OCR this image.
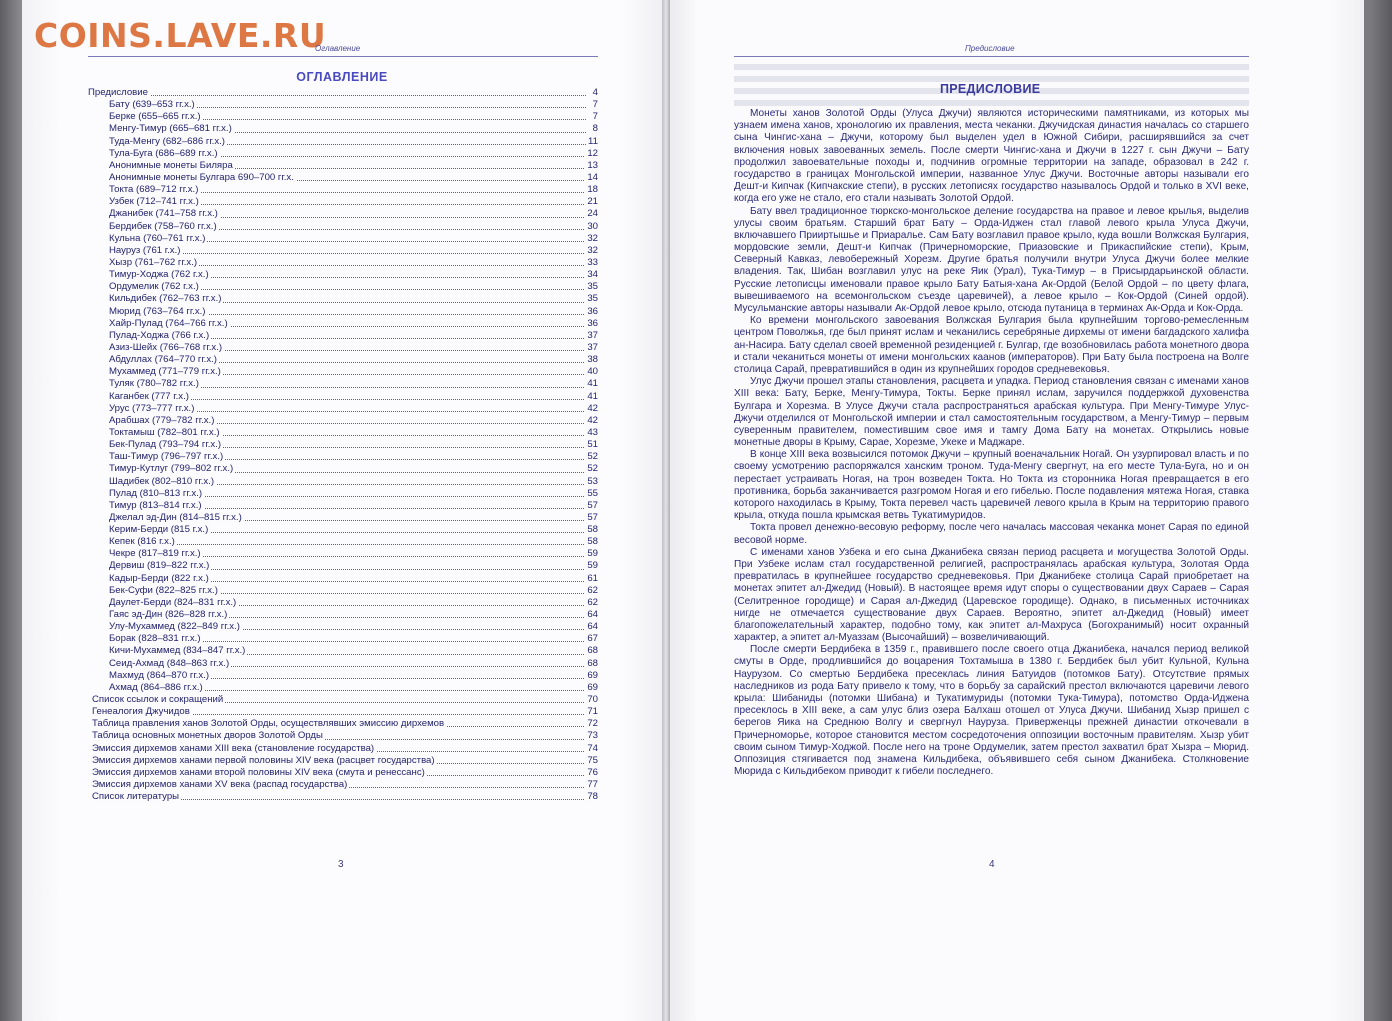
COINS.LAVE.RU
Оглавление
ОГЛАВЛЕНИЕ
Предисловие	4
Бату (639–653 гг.х.)	7
Берке (655–665 гг.х.)	7
Менгу-Тимур (665–681 гг.х.)	8
Туда-Менгу (682–686 гг.х.)	11
Тула-Буга (686–689 гг.х.)	12
Анонимные монеты Биляра	13
Анонимные монеты Булгара 690–700 гг.х.	14
Токта (689–712 гг.х.)	18
Узбек (712–741 гг.х.)	21
Джанибек (741–758 гг.х.)	24
Бердибек (758–760 гг.х.)	30
Кульна (760–761 гг.х.)	32
Науруз (761 г.х.)	32
Хызр (761–762 гг.х.)	33
Тимур-Ходжа (762 г.х.)	34
Ордумелик (762 г.х.)	35
Кильдибек (762–763 гг.х.)	35
Мюрид (763–764 гг.х.)	36
Хайр-Пулад (764–766 гг.х.)	36
Пулад-Ходжа (766 г.х.)	37
Азиз-Шейх (766–768 гг.х.)	37
Абдуллах (764–770 гг.х.)	38
Мухаммед (771–779 гг.х.)	40
Туляк (780–782 гг.х.)	41
Каганбек (777 г.х.)	41
Урус (773–777 гг.х.)	42
Арабшах (779–782 гг.х.)	42
Токтамыш (782–801 гг.х.)	43
Бек-Пулад (793–794 гг.х.)	51
Таш-Тимур (796–797 гг.х.)	52
Тимур-Кутлуг (799–802 гг.х.)	52
Шадибек (802–810 гг.х.)	53
Пулад (810–813 гг.х.)	55
Тимур (813–814 гг.х.)	57
Джелал эд-Дин (814–815 гг.х.)	57
Керим-Берди (815 г.х.)	58
Кепек (816 г.х.)	58
Чекре (817–819 гг.х.)	59
Дервиш (819–822 гг.х.)	59
Кадыр-Берди (822 г.х.)	61
Бек-Суфи (822–825 гг.х.)	62
Даулет-Берди (824–831 гг.х.)	62
Гаяс эд-Дин (826–828 гг.х.)	64
Улу-Мухаммед (822–849 гг.х.)	64
Борак (828–831 гг.х.)	67
Кичи-Мухаммед (834–847 гг.х.)	68
Сеид-Ахмад (848–863 гг.х.)	68
Махмуд (864–870 гг.х.)	69
Ахмад (864–886 гг.х.)	69
Список ссылок и сокращений	70
Генеалогия Джучидов	71
Таблица правления ханов Золотой Орды, осуществлявших эмиссию дирхемов	72
Таблица основных монетных дворов Золотой Орды	73
Эмиссия дирхемов ханами XIII века (становление государства)	74
Эмиссия дирхемов ханами первой половины XIV века (расцвет государства)	75
Эмиссия дирхемов ханами второй половины XIV века (смута и ренессанс)	76
Эмиссия дирхемов ханами XV века (распад государства)	77
Список литературы	78
3
Предисловие
ПРЕДИСЛОВИЕ

Монеты ханов Золотой Орды (Улуса Джучи) являются историческими памятниками, из которых мы узнаем имена ханов, хронологию их правления, места чеканки. Джучидская династия началась со старшего сына Чингис-хана – Джучи, которому был выделен удел в Южной Сибири, расширявшийся за счет включения новых завоеванных земель. После смерти Чингис-хана и Джучи в 1227 г. сын Джучи – Бату продолжил завоевательные походы и, подчинив огромные территории на западе, образовал в 242 г. государство в границах Монгольской империи, названное Улус Джучи. Восточные авторы называли его Дешт-и Кипчак (Кипчакские степи), в русских летописях государство называлось Ордой и только в XVI веке, когда его уже не стало, его стали называть Золотой Ордой.

Бату ввел традиционное тюркско-монгольское деление государства на правое и левое крылья, выделив улусы своим братьям. Старший брат Бату – Орда-Иджен стал главой левого крыла Улуса Джучи, включавшего Прииртышье и Приаралье. Сам Бату возглавил правое крыло, куда вошли Волжская Булгария, мордовские земли, Дешт-и Кипчак (Причерноморские, Приазовские и Прикаспийские степи), Крым, Северный Кавказ, левобережный Хорезм. Другие братья получили внутри Улуса Джучи более мелкие владения. Так, Шибан возглавил улус на реке Яик (Урал), Тука-Тимур – в Присырдарьинской области. Русские летописцы именовали правое крыло Бату Батыя-хана Ак-Ордой (Белой Ордой – по цвету флага, вывешиваемого на всемонгольском съезде царевичей), а левое крыло – Кок-Ордой (Синей ордой). Мусульманские авторы называли Ак-Ордой левое крыло, отсюда путаница в терминах Ак-Орда и Кок-Орда.

Ко времени монгольского завоевания Волжская Булгария была крупнейшим торгово-ремесленным центром Поволжья, где был принят ислам и чеканились серебряные дирхемы от имени багдадского халифа ан-Насира. Бату сделал своей временной резиденцией г. Булгар, где возобновилась работа монетного двора и стали чеканиться монеты от имени монгольских каанов (императоров). При Бату была построена на Волге столица Сарай, превратившийся в один из крупнейших городов средневековья.

Улус Джучи прошел этапы становления, расцвета и упадка. Период становления связан с именами ханов XIII века: Бату, Берке, Менгу-Тимура, Токты. Берке принял ислам, заручился поддержкой духовенства Булгара и Хорезма. В Улусе Джучи стала распространяться арабская культура. При Менгу-Тимуре Улус-Джучи отделился от Монгольской империи и стал самостоятельным государством, а Менгу-Тимур – первым суверенным правителем, поместившим свое имя и тамгу Дома Бату на монетах. Открылись новые монетные дворы в Крыму, Сарае, Хорезме, Укеке и Маджаре.

В конце XIII века возвысился потомок Джучи – крупный военачальник Ногай. Он узурпировал власть и по своему усмотрению распоряжался ханским троном. Туда-Менгу свергнут, на его месте Тула-Буга, но и он перестает устраивать Ногая, на трон возведен Токта. Но Токта из сторонника Ногая превращается в его противника, борьба заканчивается разгромом Ногая и его гибелью. После подавления мятежа Ногая, ставка которого находилась в Крыму, Токта перевел часть царевичей левого крыла в Крым на территорию правого крыла, откуда пошла крымская ветвь Тукатимуридов.

Токта провел денежно-весовую реформу, после чего началась массовая чеканка монет Сарая по единой весовой норме.

С именами ханов Узбека и его сына Джанибека связан период расцвета и могущества Золотой Орды. При Узбеке ислам стал государственной религией, распространялась арабская культура, Золотая Орда превратилась в крупнейшее государство средневековья. При Джанибеке столица Сарай приобретает на монетах эпитет ал-Джедид (Новый). В настоящее время идут споры о существовании двух Сараев – Сарая (Селитренное городище) и Сарая ал-Джедид (Царевское городище). Однако, в письменных источниках нигде не отмечается существование двух Сараев. Вероятно, эпитет ал-Джедид (Новый) имеет благопожелательный характер, подобно тому, как эпитет ал-Махруса (Богохранимый) носит охранный характер, а эпитет ал-Муаззам (Высочайший) – возвеличивающий.

После смерти Бердибека в 1359 г., правившего после своего отца Джанибека, начался период великой смуты в Орде, продлившийся до воцарения Тохтамыша в 1380 г. Бердибек был убит Кульной, Кульна Наурузом. Со смертью Бердибека пресеклась линия Батуидов (потомков Бату). Отсутствие прямых наследников из рода Бату привело к тому, что в борьбу за сарайский престол включаются царевичи левого крыла: Шибаниды (потомки Шибана) и Тукатимуриды (потомки Тука-Тимура), потомство Орда-Иджена пресеклось в XIII веке, а сам улус близ озера Балхаш отошел от Улуса Джучи. Шибанид Хызр пришел с берегов Яика на Среднюю Волгу и свергнул Науруза. Приверженцы прежней династии откочевали в Причерноморье, которое становится местом сосредоточения оппозиции восточным правителям. Хызр убит своим сыном Тимур-Ходжой. После него на троне Ордумелик, затем престол захватил брат Хызра – Мюрид. Оппозиция стягивается под знамена Кильдибека, объявившего себя сыном Джанибека. Столкновение Мюрида с Кильдибеком приводит к гибели последнего.

4
